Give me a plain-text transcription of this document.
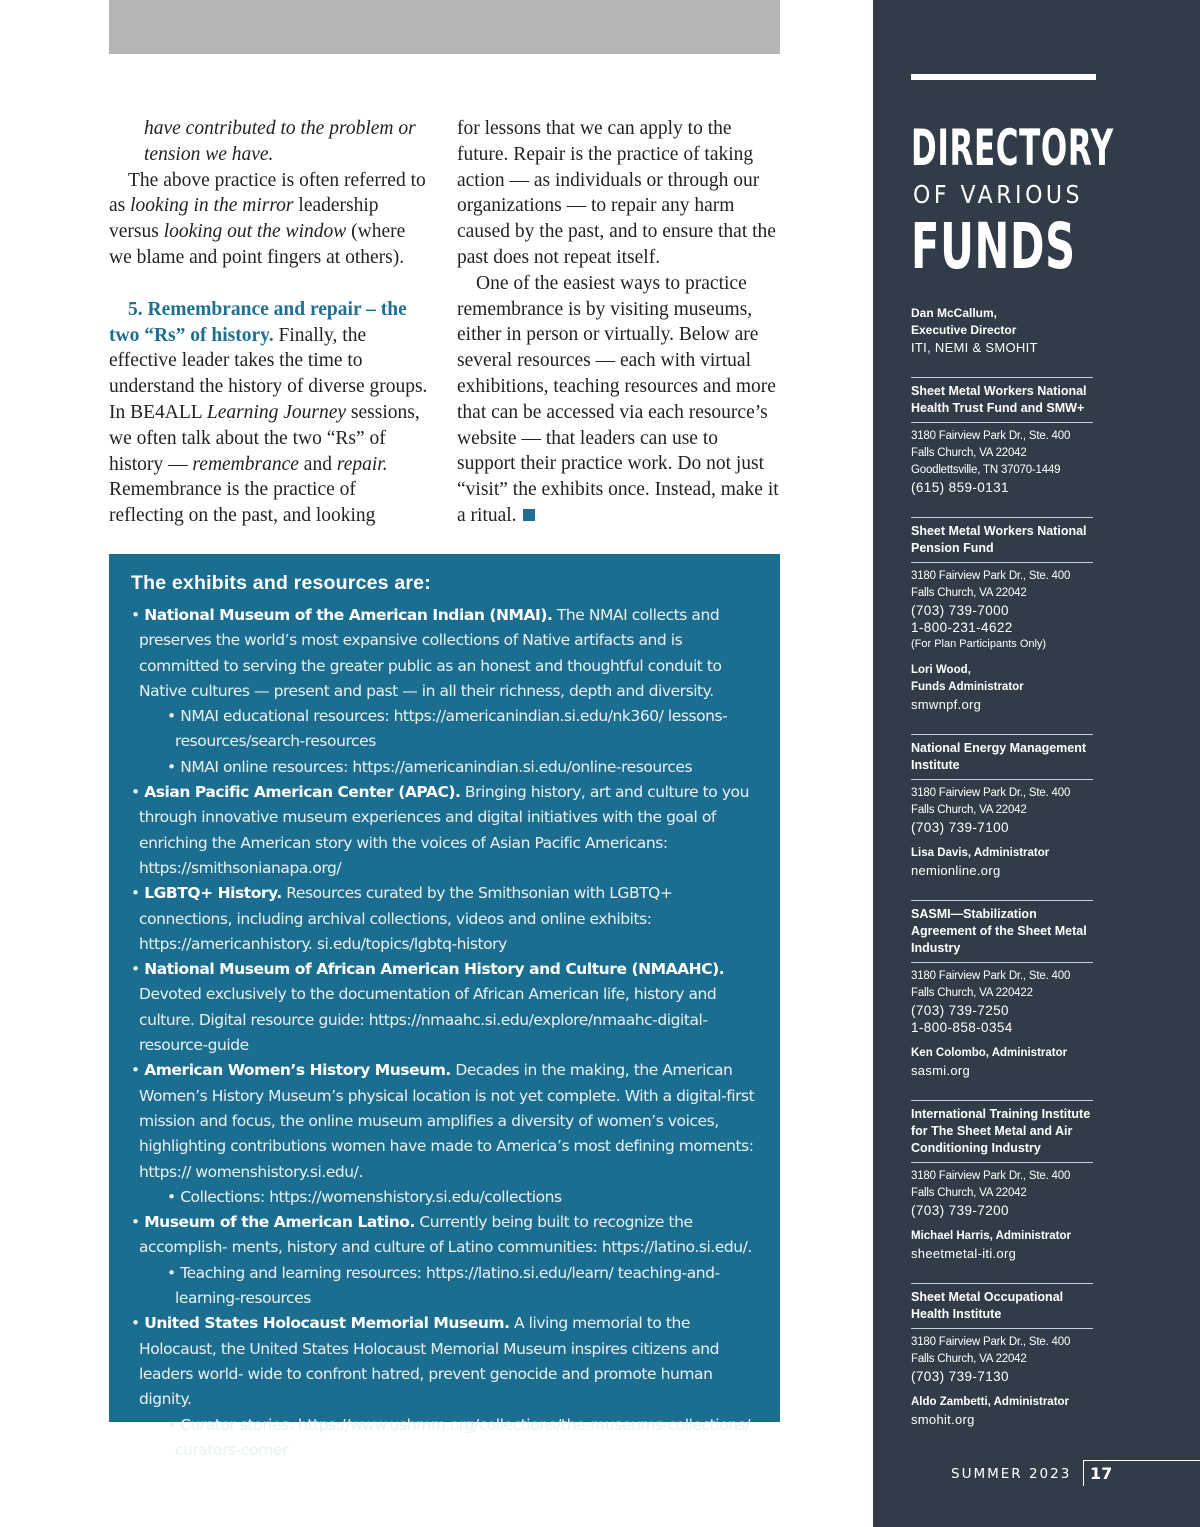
have contributed to the problem or tension we have.

The above practice is often referred to as looking in the mirror leadership versus looking out the window (where we blame and point fingers at others).

5. Remembrance and repair – the two “Rs” of history. Finally, the effective leader takes the time to understand the history of diverse groups. In BE4ALL Learning Journey sessions, we often talk about the two “Rs” of history — remembrance and repair. Remembrance is the practice of reflecting on the past, and looking

for lessons that we can apply to the future. Repair is the practice of taking action — as individuals or through our organizations — to repair any harm caused by the past, and to ensure that the past does not repeat itself.

One of the easiest ways to practice remembrance is by visiting museums, either in person or virtually. Below are several resources — each with virtual exhibitions, teaching resources and more that can be accessed via each resource’s website — that leaders can use to support their practice work. Do not just “visit” the exhibits once. Instead, make it a ritual.

The exhibits and resources are:
• National Museum of the American Indian (NMAI). The NMAI collects and preserves the world’s most expansive collections of Native artifacts and is committed to serving the greater public as an honest and thoughtful conduit to Native cultures — present and past — in all their richness, depth and diversity.
• NMAI educational resources: https://americanindian.si.edu/nk360/ lessons-resources/search-resources
• NMAI online resources: https://americanindian.si.edu/online-resources
• Asian Pacific American Center (APAC). Bringing history, art and culture to you through innovative museum experiences and digital initiatives with the goal of enriching the American story with the voices of Asian Pacific Americans: https://smithsonianapa.org/
• LGBTQ+ History. Resources curated by the Smithsonian with LGBTQ+ connections, including archival collections, videos and online exhibits: https://americanhistory. si.edu/topics/lgbtq-history
• National Museum of African American History and Culture (NMAAHC). Devoted exclusively to the documentation of African American life, history and culture. Digital resource guide: https://nmaahc.si.edu/explore/nmaahc-digital-resource-guide
• American Women’s History Museum. Decades in the making, the American Women’s History Museum’s physical location is not yet complete. With a digital-first mission and focus, the online museum amplifies a diversity of women’s voices, highlighting contributions women have made to America’s most defining moments: https:// womenshistory.si.edu/.
• Collections: https://womenshistory.si.edu/collections
• Museum of the American Latino. Currently being built to recognize the accomplish- ments, history and culture of Latino communities: https://latino.si.edu/.
• Teaching and learning resources: https://latino.si.edu/learn/ teaching-and-learning-resources
• United States Holocaust Memorial Museum. A living memorial to the Holocaust, the United States Holocaust Memorial Museum inspires citizens and leaders world- wide to confront hatred, prevent genocide and promote human dignity.
• Curator stories: https://www.ushmm.org/collections/the-museums-collections/ curators-corner
DIRECTORY
OF VARIOUS
FUNDS
Dan McCallum,
Executive Director
ITI, NEMI & SMOHIT
Sheet Metal Workers National Health Trust Fund and SMW+
3180 Fairview Park Dr., Ste. 400
Falls Church, VA 22042
Goodlettsville, TN 37070-1449
(615) 859-0131
Sheet Metal Workers National Pension Fund
3180 Fairview Park Dr., Ste. 400
Falls Church, VA 22042
(703) 739-7000
1-800-231-4622
(For Plan Participants Only)
Lori Wood,
Funds Administrator
smwnpf.org
National Energy Management Institute
3180 Fairview Park Dr., Ste. 400
Falls Church, VA 22042
(703) 739-7100
Lisa Davis, Administrator
nemionline.org
SASMI—Stabilization Agreement of the Sheet Metal Industry
3180 Fairview Park Dr., Ste. 400
Falls Church, VA 220422
(703) 739-7250
1-800-858-0354
Ken Colombo, Administrator
sasmi.org
International Training Institute for The Sheet Metal and Air Conditioning Industry
3180 Fairview Park Dr., Ste. 400
Falls Church, VA 22042
(703) 739-7200
Michael Harris, Administrator
sheetmetal-iti.org
Sheet Metal Occupational Health Institute
3180 Fairview Park Dr., Ste. 400
Falls Church, VA 22042
(703) 739-7130
Aldo Zambetti, Administrator
smohit.org
SUMMER 2023 17
